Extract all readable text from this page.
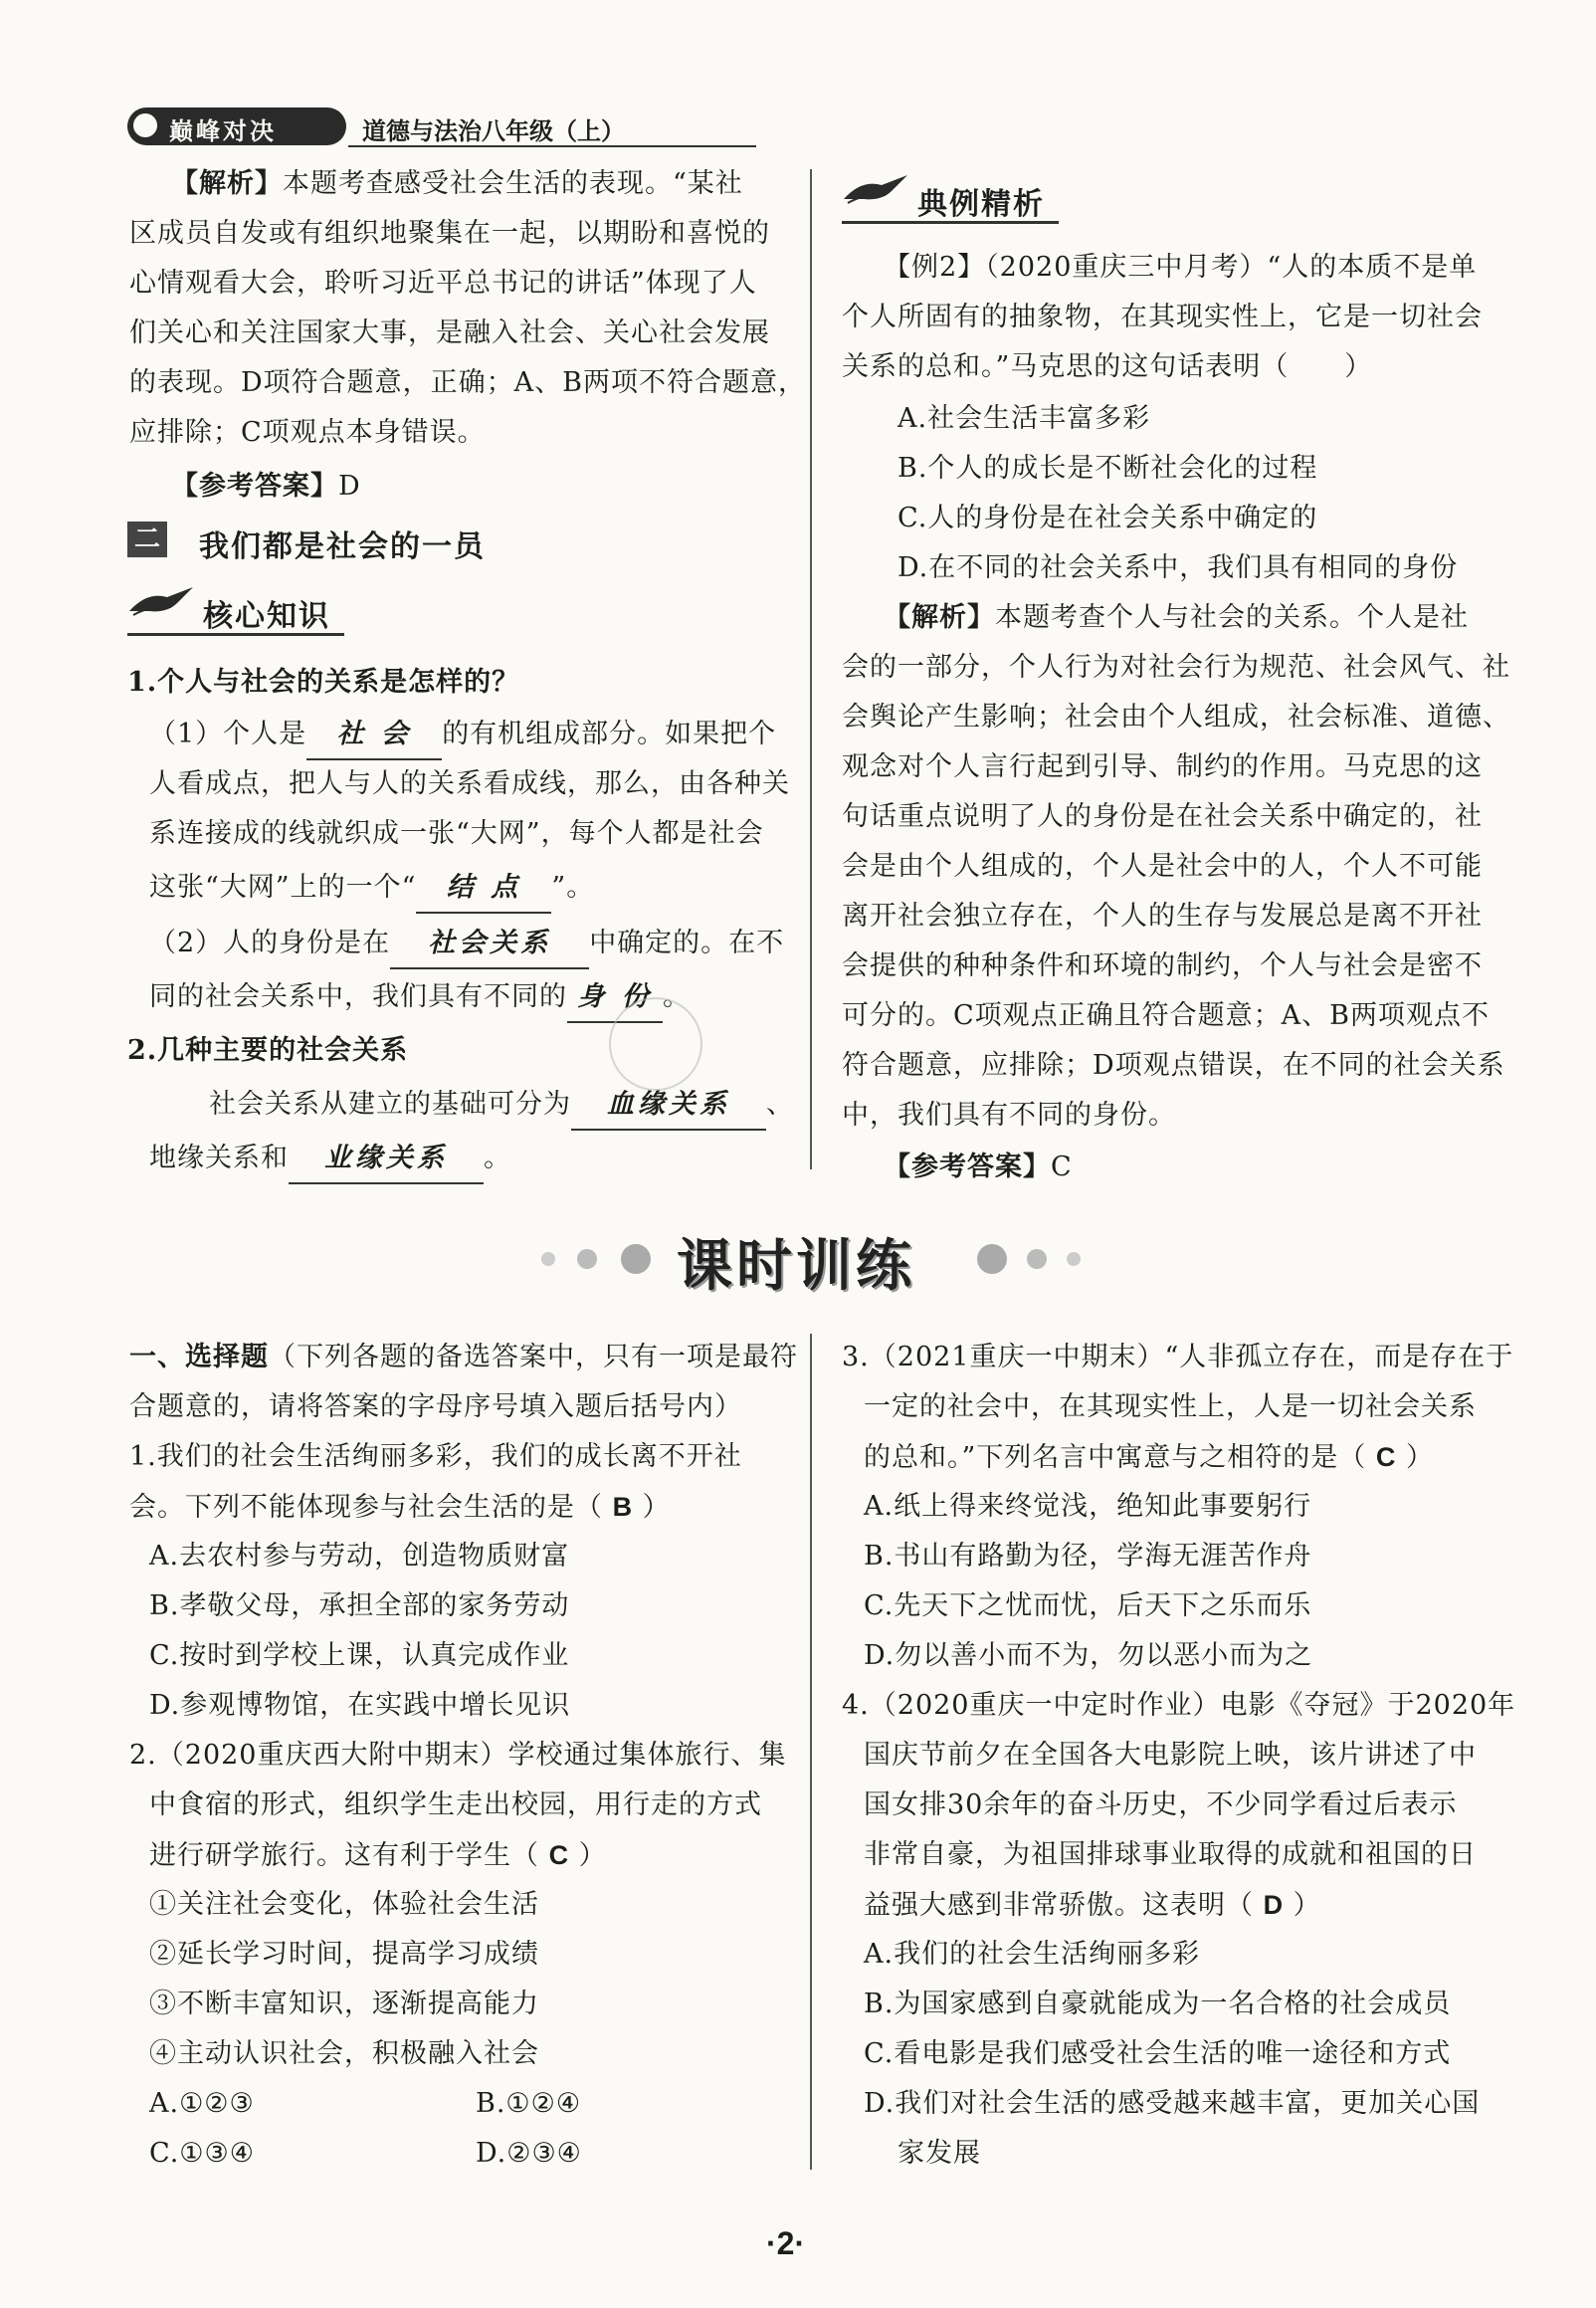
巅峰对决	道德与法治八年级（上）
【解析】本题考查感受社会生活的表现。“某社
区成员自发或有组织地聚集在一起，以期盼和喜悦的
心情观看大会，聆听习近平总书记的讲话”体现了人
们关心和关注国家大事，是融入社会、关心社会发展
的表现。D项符合题意，正确；A、B两项不符合题意，
应排除；C项观点本身错误。
【参考答案】D
二 我们都是社会的一员
核心知识
1.个人与社会的关系是怎样的？
（1）个人是 社 会 的有机组成部分。如果把个
人看成点，把人与人的关系看成线，那么，由各种关
系连接成的线就织成一张“大网”，每个人都是社会
这张“大网”上的一个“ 结 点 ”。
（2）人的身份是在 社会关系 中确定的。在不
同的社会关系中，我们具有不同的 身 份 。
2.几种主要的社会关系
社会关系从建立的基础可分为 血缘关系 、
地缘关系和 业缘关系 。
典例精析
【例2】（2020重庆三中月考）“人的本质不是单
个人所固有的抽象物，在其现实性上，它是一切社会
关系的总和。”马克思的这句话表明（　　）
A.社会生活丰富多彩
B.个人的成长是不断社会化的过程
C.人的身份是在社会关系中确定的
D.在不同的社会关系中，我们具有相同的身份
【解析】本题考查个人与社会的关系。个人是社
会的一部分，个人行为对社会行为规范、社会风气、社
会舆论产生影响；社会由个人组成，社会标准、道德、
观念对个人言行起到引导、制约的作用。马克思的这
句话重点说明了人的身份是在社会关系中确定的，社
会是由个人组成的，个人是社会中的人，个人不可能
离开社会独立存在，个人的生存与发展总是离不开社
会提供的种种条件和环境的制约，个人与社会是密不
可分的。C项观点正确且符合题意；A、B两项观点不
符合题意，应排除；D项观点错误，在不同的社会关系
中，我们具有不同的身份。
【参考答案】C
课时训练
一、选择题（下列各题的备选答案中，只有一项是最符
合题意的，请将答案的字母序号填入题后括号内）
1.我们的社会生活绚丽多彩，我们的成长离不开社
会。下列不能体现参与社会生活的是（ B ）
A.去农村参与劳动，创造物质财富
B.孝敬父母，承担全部的家务劳动
C.按时到学校上课，认真完成作业
D.参观博物馆，在实践中增长见识
2.（2020重庆西大附中期末）学校通过集体旅行、集
中食宿的形式，组织学生走出校园，用行走的方式
进行研学旅行。这有利于学生（ C ）
①关注社会变化，体验社会生活
②延长学习时间，提高学习成绩
③不断丰富知识，逐渐提高能力
④主动认识社会，积极融入社会
A.①②③	B.①②④
C.①③④	D.②③④
3.（2021重庆一中期末）“人非孤立存在，而是存在于
一定的社会中，在其现实性上，人是一切社会关系
的总和。”下列名言中寓意与之相符的是（ C ）
A.纸上得来终觉浅，绝知此事要躬行
B.书山有路勤为径，学海无涯苦作舟
C.先天下之忧而忧，后天下之乐而乐
D.勿以善小而不为，勿以恶小而为之
4.（2020重庆一中定时作业）电影《夺冠》于2020年
国庆节前夕在全国各大电影院上映，该片讲述了中
国女排30余年的奋斗历史，不少同学看过后表示
非常自豪，为祖国排球事业取得的成就和祖国的日
益强大感到非常骄傲。这表明（ D ）
A.我们的社会生活绚丽多彩
B.为国家感到自豪就能成为一名合格的社会成员
C.看电影是我们感受社会生活的唯一途径和方式
D.我们对社会生活的感受越来越丰富，更加关心国
家发展
·2·
